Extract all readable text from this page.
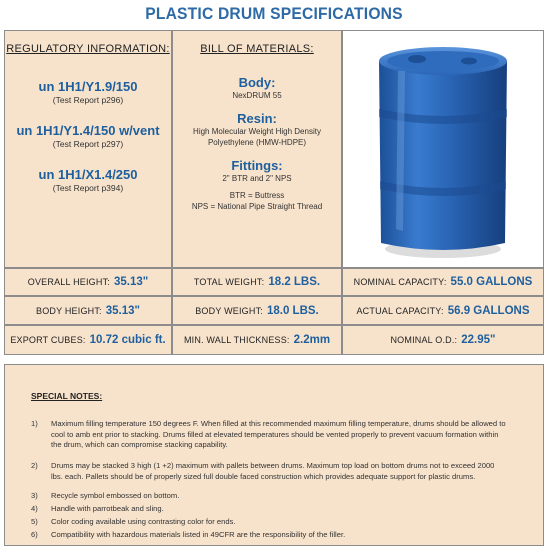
PLASTIC DRUM SPECIFICATIONS
REGULATORY INFORMATION:
un 1H1/Y1.9/150
(Test Report p296)
un 1H1/Y1.4/150 w/vent
(Test Report p297)
un 1H1/X1.4/250
(Test Report p394)
BILL OF MATERIALS:
Body:
NexDRUM 55
Resin:
High Molecular Weight High Density
Polyethylene (HMW-HDPE)
Fittings:
2" BTR and 2" NPS
BTR = Buttress
NPS = National Pipe Straight Thread
OVERALL HEIGHT: 35.13"	TOTAL WEIGHT: 18.2 LBS.	NOMINAL CAPACITY: 55.0 GALLONS
BODY HEIGHT: 35.13"	BODY WEIGHT: 18.0 LBS.	ACTUAL CAPACITY: 56.9 GALLONS
EXPORT CUBES: 10.72 cubic ft. MIN. WALL THICKNESS: 2.2mm	NOMINAL O.D.: 22.95"
SPECIAL NOTES:
1) Maximum filling temperature 150 degrees F. When filled at this recommended maximum filling temperature, drums should be allowed to cool to amb ent prior to stacking. Drums filled at elevated temperatures should be vented properly to prevent vacuum formation within the drum, which can compromise stacking capability.
2) Drums may be stacked 3 high (1 +2) maximum with pallets between drums. Maximum top load on bottom drums not to exceed 2000 lbs. each. Pallets should be of properly sized full double faced construction which provides adequate support for plastic drums.
3) Recycle symbol embossed on bottom.
4) Handle with parrotbeak and sling.
5) Color coding available using contrasting color for ends.
6) Compatibility with hazardous materials listed in 49CFR are the responsibility of the filler.
